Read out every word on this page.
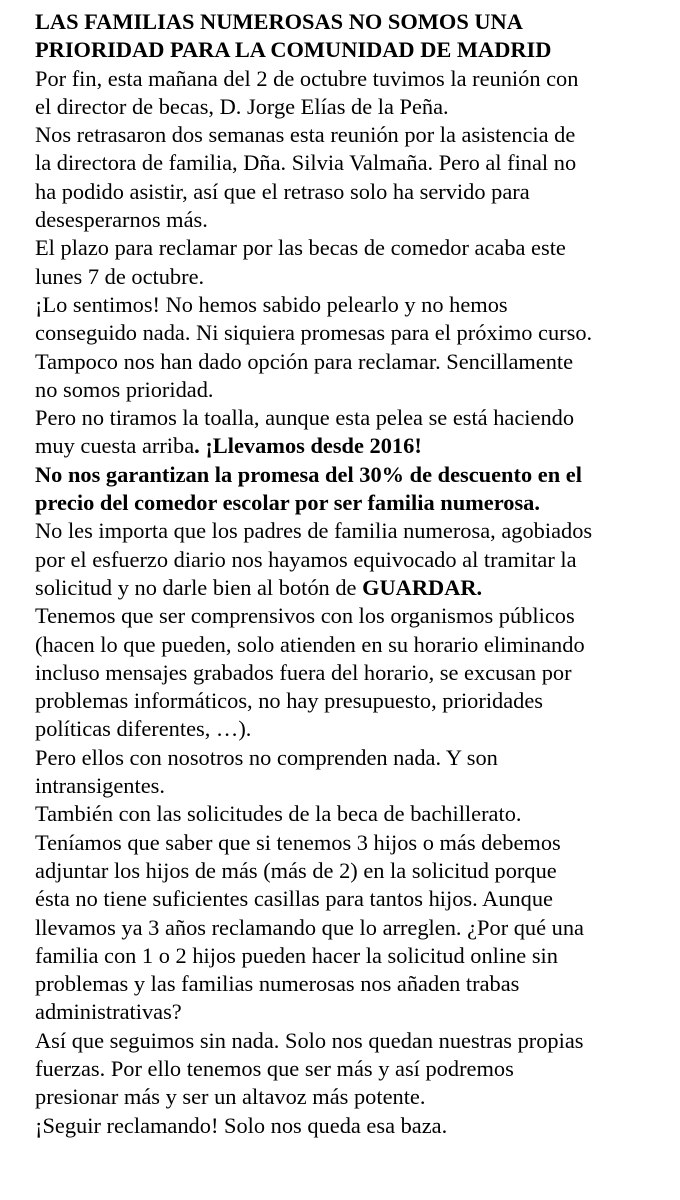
LAS FAMILIAS NUMEROSAS NO SOMOS UNA
PRIORIDAD PARA LA COMUNIDAD DE MADRID

Por fin, esta mañana del 2 de octubre tuvimos la reunión con
el director de becas, D. Jorge Elías de la Peña.

Nos retrasaron dos semanas esta reunión por la asistencia de
la directora de familia, Dña. Silvia Valmaña. Pero al final no
ha podido asistir, así que el retraso solo ha servido para
desesperarnos más.

El plazo para reclamar por las becas de comedor acaba este
lunes 7 de octubre.

¡Lo sentimos! No hemos sabido pelearlo y no hemos
conseguido nada. Ni siquiera promesas para el próximo curso.
Tampoco nos han dado opción para reclamar. Sencillamente
no somos prioridad.

Pero no tiramos la toalla, aunque esta pelea se está haciendo
muy cuesta arriba. ¡Llevamos desde 2016!

No nos garantizan la promesa del 30% de descuento en el
precio del comedor escolar por ser familia numerosa.

No les importa que los padres de familia numerosa, agobiados
por el esfuerzo diario nos hayamos equivocado al tramitar la
solicitud y no darle bien al botón de GUARDAR.

Tenemos que ser comprensivos con los organismos públicos
(hacen lo que pueden, solo atienden en su horario eliminando
incluso mensajes grabados fuera del horario, se excusan por
problemas informáticos, no hay presupuesto, prioridades
políticas diferentes, …).

Pero ellos con nosotros no comprenden nada. Y son
intransigentes.

También con las solicitudes de la beca de bachillerato.
Teníamos que saber que si tenemos 3 hijos o más debemos
adjuntar los hijos de más (más de 2) en la solicitud porque
ésta no tiene suficientes casillas para tantos hijos. Aunque
llevamos ya 3 años reclamando que lo arreglen. ¿Por qué una
familia con 1 o 2 hijos pueden hacer la solicitud online sin
problemas y las familias numerosas nos añaden trabas
administrativas?

Así que seguimos sin nada. Solo nos quedan nuestras propias
fuerzas. Por ello tenemos que ser más y así podremos
presionar más y ser un altavoz más potente.

¡Seguir reclamando! Solo nos queda esa baza.
